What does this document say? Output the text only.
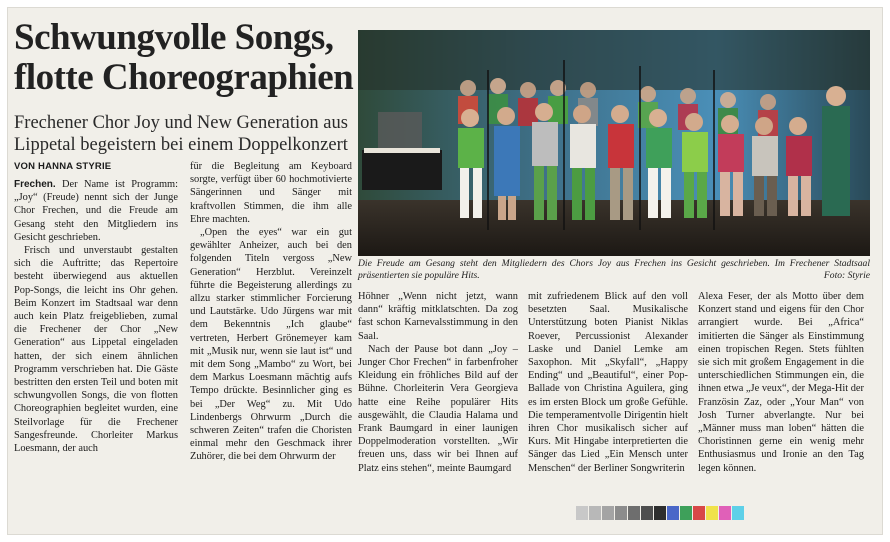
Schwungvolle Songs,
flotte Choreographien
Frechener Chor Joy und New Generation aus Lippetal begeistern bei einem Doppelkonzert
VON HANNA STYRIE

Frechen. Der Name ist Programm: „Joy“ (Freude) nennt sich der Junge Chor Frechen, und die Freude am Gesang steht den Mitgliedern ins Gesicht geschrieben.

Frisch und unverstaubt gestalten sich die Auftritte; das Repertoire besteht überwiegend aus aktuellen Pop-Songs, die leicht ins Ohr gehen. Beim Konzert im Stadtsaal war denn auch kein Platz freigeblieben, zumal die Frechener der Chor „New Generation“ aus Lippetal eingeladen hatten, der sich einem ähnlichen Programm verschrieben hat. Die Gäste bestritten den ersten Teil und boten mit schwungvollen Songs, die von flotten Choreographien begleitet wurden, eine Steilvorlage für die Frechener Sangesfreunde. Chorleiter Markus Loesmann, der auch

für die Begleitung am Keyboard sorgte, verfügt über 60 hochmotivierte Sängerinnen und Sänger mit kraftvollen Stimmen, die ihm alle Ehre machten.

„Open the eyes“ war ein gut gewählter Anheizer, auch bei den folgenden Titeln vergoss „New Generation“ Herzblut. Vereinzelt führte die Begeisterung allerdings zu allzu starker stimmlicher Forcierung und Lautstärke. Udo Jürgens war mit dem Bekenntnis „Ich glaube“ vertreten, Herbert Grönemeyer kam mit „Musik nur, wenn sie laut ist“ und mit dem Song „Mambo“ zu Wort, bei dem Markus Loesmann mächtig aufs Tempo drückte. Besinnlicher ging es bei „Der Weg“ zu. Mit Udo Lindenbergs Ohrwurm „Durch die schweren Zeiten“ trafen die Choristen einmal mehr den Geschmack ihrer Zuhörer, die bei dem Ohrwurm der

Die Freude am Gesang steht den Mitgliedern des Chors Joy aus Frechen ins Gesicht geschrieben. Im Frechener Stadtsaal präsentierten sie populäre Hits.	Foto: Styrie

Höhner „Wenn nicht jetzt, wann dann“ kräftig mitklatschten. Da zog fast schon Karnevalsstimmung in den Saal.

Nach der Pause bot dann „Joy – Junger Chor Frechen“ in farbenfroher Kleidung ein fröhliches Bild auf der Bühne. Chorleiterin Vera Georgieva hatte eine Reihe populärer Hits ausgewählt, die Claudia Halama und Frank Baumgard in einer launigen Doppelmoderation vorstellten. „Wir freuen uns, dass wir bei Ihnen auf Platz eins stehen“, meinte Baumgard

mit zufriedenem Blick auf den voll besetzten Saal. Musikalische Unterstützung boten Pianist Niklas Roever, Percussionist Alexander Laske und Daniel Lemke am Saxophon. Mit „Skyfall“, „Happy Ending“ und „Beautiful“, einer Pop-Ballade von Christina Aguilera, ging es im ersten Block um große Gefühle. Die temperamentvolle Dirigentin hielt ihren Chor musikalisch sicher auf Kurs. Mit Hingabe interpretierten die Sänger das Lied „Ein Mensch unter Menschen“ der Berliner Songwriterin

Alexa Feser, der als Motto über dem Konzert stand und eigens für den Chor arrangiert wurde. Bei „Africa“ imitierten die Sänger als Einstimmung einen tropischen Regen. Stets fühlten sie sich mit großem Engagement in die unterschiedlichen Stimmungen ein, die ihnen etwa „Je veux“, der Mega-Hit der Französin Zaz, oder „Your Man“ von Josh Turner abverlangte. Nur bei „Männer muss man loben“ hätten die Choristinnen gerne ein wenig mehr Enthusiasmus und Ironie an den Tag legen können.
